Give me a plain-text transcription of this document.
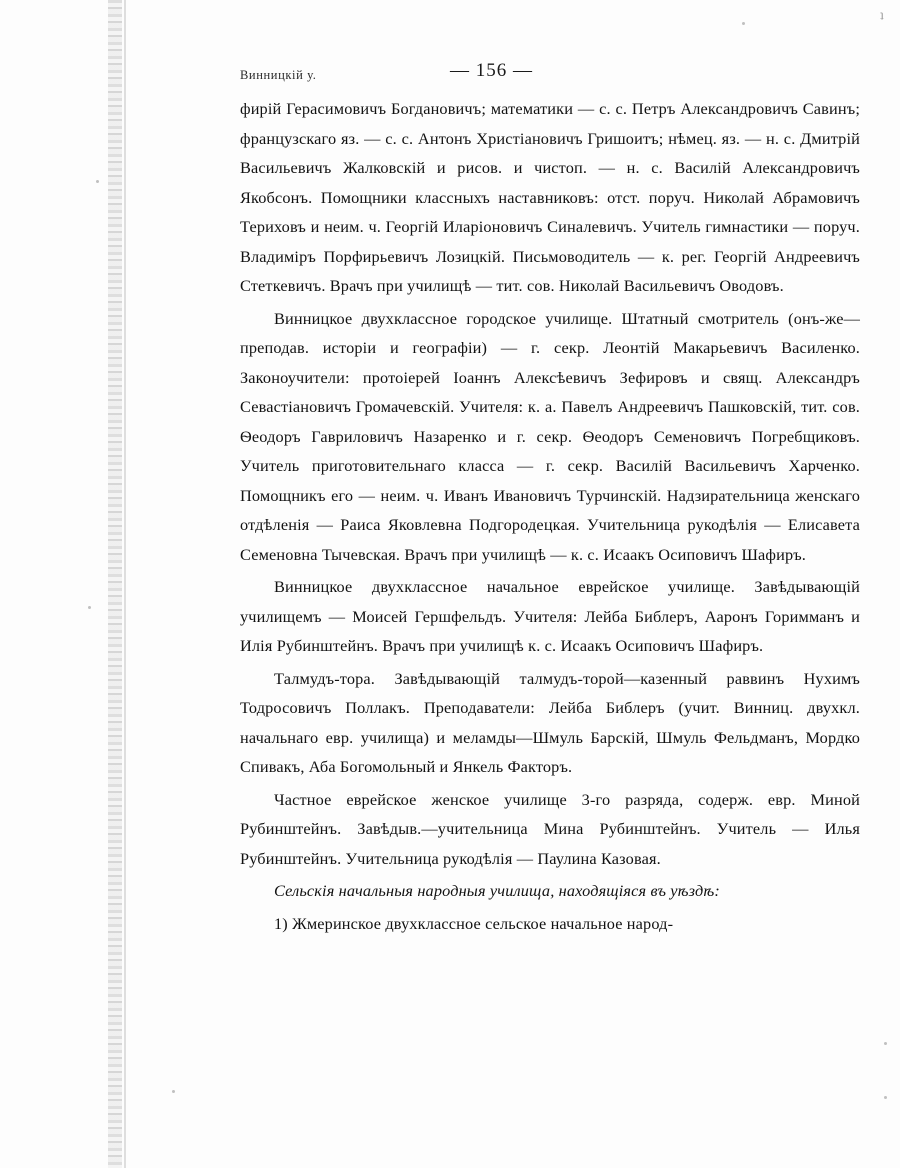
ʇ
Винницкій у.	— 156 —

фирій Герасимовичъ Богдановичъ; математики — с. с. Петръ Александровичъ Савинъ; французскаго яз. — с. с. Антонъ Христіановичъ Гришоитъ; нѣмец. яз. — н. с. Дмитрій Васильевичъ Жалковскій и рисов. и чистоп. — н. с. Василій Александровичъ Якобсонъ. Помощники классныхъ наставниковъ: отст. поруч. Николай Абрамовичъ Териховъ и неим. ч. Георгій Иларіоновичъ Синалевичъ. Учитель гимнастики — поруч. Владиміръ Порфирьевичъ Лозицкій. Письмоводитель — к. рег. Георгій Андреевичъ Стеткевичъ. Врачъ при училищѣ — тит. сов. Николай Васильевичъ Оводовъ.

Винницкое двухклассное городское училище. Штатный смотритель (онъ-же—преподав. исторіи и географіи) — г. секр. Леонтій Макарьевичъ Василенко. Законоучители: протоіерей Іоаннъ Алексѣевичъ Зефировъ и свящ. Александръ Севастіановичъ Громачевскій. Учителя: к. а. Павелъ Андреевичъ Пашковскій, тит. сов. Ѳеодоръ Гавриловичъ Назаренко и г. секр. Ѳеодоръ Семеновичъ Погребщиковъ. Учитель приготовительнаго класса — г. секр. Василій Васильевичъ Харченко. Помощникъ его — неим. ч. Иванъ Ивановичъ Турчинскій. Надзирательница женскаго отдѣленія — Раиса Яковлевна Подгородецкая. Учительница рукодѣлія — Елисавета Семеновна Тычевская. Врачъ при училищѣ — к. с. Исаакъ Осиповичъ Шафиръ.

Винницкое двухклассное начальное еврейское училище. Завѣдывающій училищемъ — Моисей Гершфельдъ. Учителя: Лейба Библеръ, Ааронъ Горимманъ и Илія Рубинштейнъ. Врачъ при училищѣ к. с. Исаакъ Осиповичъ Шафиръ.

Талмудъ-тора. Завѣдывающій талмудъ-торой—казенный раввинъ Нухимъ Тодросовичъ Поллакъ. Преподаватели: Лейба Библеръ (учит. Винниц. двухкл. начальнаго евр. училища) и меламды—Шмуль Барскій, Шмуль Фельдманъ, Мордко Спивакъ, Аба Богомольный и Янкель Факторъ.

Частное еврейское женское училище 3-го разряда, содерж. евр. Миной Рубинштейнъ. Завѣдыв.—учительница Мина Рубинштейнъ. Учитель — Илья Рубинштейнъ. Учительница рукодѣлія — Паулина Казовая.

Сельскія начальныя народныя училища, находящіяся въ уѣздѣ:

1) Жмеринское двухклассное сельское начальное народ-
